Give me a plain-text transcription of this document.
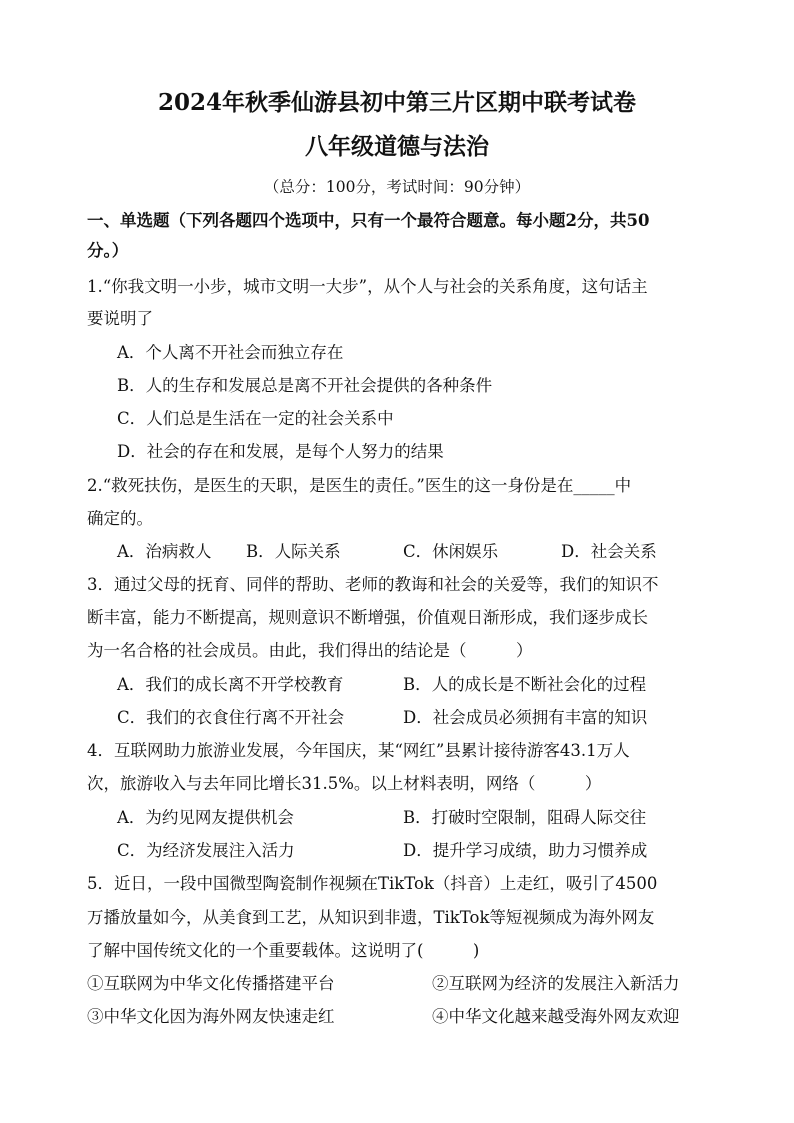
2024年秋季仙游县初中第三片区期中联考试卷
八年级道德与法治
（总分：100分，考试时间：90分钟）
一、单选题（下列各题四个选项中，只有一个最符合题意。每小题2分，共50
分。）
1.“你我文明一小步，城市文明一大步”，从个人与社会的关系角度，这句话主
要说明了
A．个人离不开社会而独立存在
B．人的生存和发展总是离不开社会提供的各种条件
C．人们总是生活在一定的社会关系中
D．社会的存在和发展，是每个人努力的结果
2.“救死扶伤，是医生的天职，是医生的责任。”医生的这一身份是在_____中
确定的。
A．治病救人 B．人际关系	C．休闲娱乐	D．社会关系
3．通过父母的抚育、同伴的帮助、老师的教诲和社会的关爱等，我们的知识不
断丰富，能力不断提高，规则意识不断增强，价值观日渐形成，我们逐步成长
为一名合格的社会成员。由此，我们得出的结论是（　　　）
A．我们的成长离不开学校教育	B．人的成长是不断社会化的过程
C．我们的衣食住行离不开社会	D．社会成员必须拥有丰富的知识
4．互联网助力旅游业发展，今年国庆，某“网红”县累计接待游客43.1万人
次，旅游收入与去年同比增长31.5%。以上材料表明，网络（　　　）
A．为约见网友提供机会	B．打破时空限制，阻碍人际交往
C．为经济发展注入活力	D．提升学习成绩，助力习惯养成
5．近日，一段中国微型陶瓷制作视频在TikTok（抖音）上走红，吸引了4500
万播放量如今，从美食到工艺，从知识到非遗，TikTok等短视频成为海外网友
了解中国传统文化的一个重要载体。这说明了(　　　)
①互联网为中华文化传播搭建平台	②互联网为经济的发展注入新活力
③中华文化因为海外网友快速走红	④中华文化越来越受海外网友欢迎
